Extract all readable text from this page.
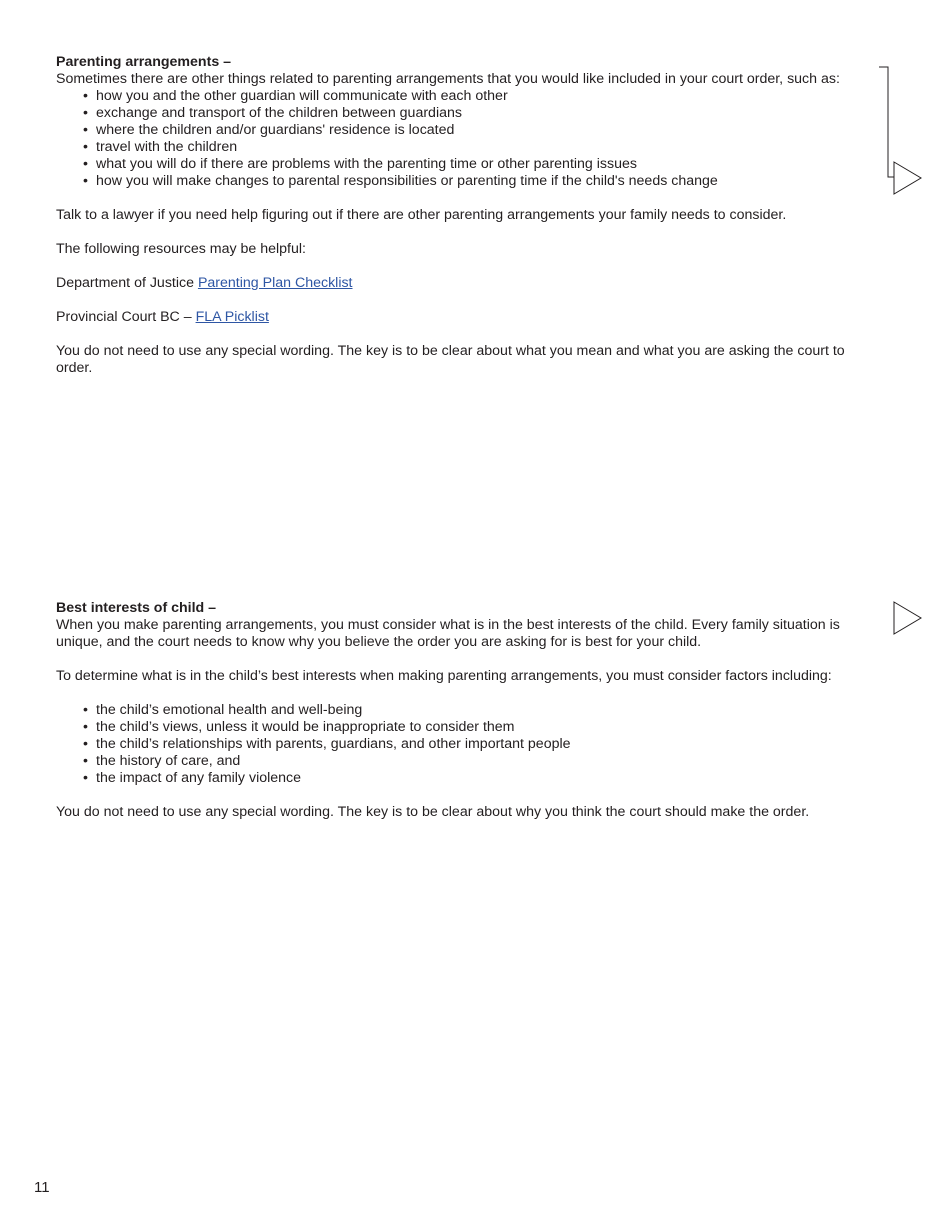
Parenting arrangements –

Sometimes there are other things related to parenting arrangements that you would like included in your court order, such as:

• how you and the other guardian will communicate with each other
• exchange and transport of the children between guardians
• where the children and/or guardians' residence is located
• travel with the children
• what you will do if there are problems with the parenting time or other parenting issues
• how you will make changes to parental responsibilities or parenting time if the child's needs change

Talk to a lawyer if you need help figuring out if there are other parenting arrangements your family needs to consider.

The following resources may be helpful:

Department of Justice Parenting Plan Checklist

Provincial Court BC – FLA Picklist

You do not need to use any special wording. The key is to be clear about what you mean and what you are asking the court to order.

Best interests of child –

When you make parenting arrangements, you must consider what is in the best interests of the child. Every family situation is unique, and the court needs to know why you believe the order you are asking for is best for your child.

To determine what is in the child’s best interests when making parenting arrangements, you must consider factors including:

• the child’s emotional health and well-being
• the child’s views, unless it would be inappropriate to consider them
• the child’s relationships with parents, guardians, and other important people
• the history of care, and
• the impact of any family violence

You do not need to use any special wording. The key is to be clear about why you think the court should make the order.

11
